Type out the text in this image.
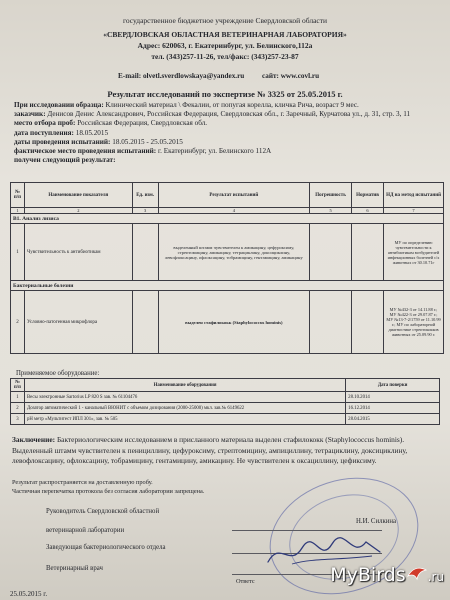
государственное бюджетное учреждение Свердловской области
«СВЕРДЛОВСКАЯ ОБЛАСТНАЯ ВЕТЕРИНАРНАЯ ЛАБОРАТОРИЯ»
Адрес: 620063, г. Екатеринбург, ул. Белинского,112а
тел. (343)257-11-26, тел/факс: (343)257-23-87
E-mail: olvetl.sverdlowskaya@yandex.ru сайт: www.covl.ru
Результат исследований по экспертизе № 3325 от 25.05.2015 г.

При исследовании образца: Клинический материал \ Фекалии, от попугая корелла, кличка Рича, возраст 9 мес.

заказчик: Денисов Денис Александрович, Российская Федерация, Свердловская обл., г. Заречный, Курчатова ул., д. 31, стр. 3, 11

место отбора проб: Российская Федерация, Свердловская обл.

дата поступления: 18.05.2015

даты проведения испытаний: 18.05.2015 - 25.05.2015

фактическое место проведения испытаний: г. Екатеринбург, ул. Белинского 112А

получен следующий результат:

№ п/п	Наименование показателя	Ед. изм.	Результат испытаний	Погрешность	Норматив	НД на метод испытаний
1	2	3	4	5	6	7
В1. Анализ лизиса						
1	Чувствительность к антибиотикам		выделенный штамм чувствителен к амикацину, цефуроксиму, стрептомицину, амикацину, тетрациклину, доксициклину, левофлоксацину, офлоксацину, тобрамицину, гентамицину, амикацину			МУ по определению чувствительности к антибиотикам возбудителей инфекционных болезней с/х животных от 30.10.71г
Бактериальные болезни						
2	Условно-патогенная микрофлора		выделен стафилококк (Staphylococcus hominis)			МУ №432-3 от 14.11.88 г.; МУ №422-3 от 29.07.87 г.; МУ №13-7-2/1759 от 11.10.99 г.; МУ по лабораторной диагностике стрептококков животных от 25.09.90 г.
Применяемое оборудование:
№ п/п	Наименование оборудования	Дата поверки
1	Весы электронные Sartorius LP 820 S зав. № 61104476	28.10.2014
2	Дозатор автоматический 1 - канальный ВЮНИТ с объемом дозирования (2000-25000) мкл. зав.№ 6149622	16.12.2014
3	pH метр «Мультитест ИПЛ 301», зав. № 505	28.04.2015
Заключение: Бактериологическим исследованием в присланного материала выделен стафилококк (Staphylococcus hominis). Выделенный штамм чувствителен к пенициллину, цефуроксиму, стрептомицину, ампициллину, тетрациклину, доксициклину, левофлоксацину, офлоксацину, тобрамицину, гентамицину, амикацину. Не чувствителен к оксациллину, цефиксиму.
Результат распространяется на доставленную пробу.
Частичная перепечатка протокола без согласия лаборатории запрещена.
Руководитель Свердловской областной
ветеринарной лаборатории
Н.И. Силкина
Заведующая бактериологического отдела
Ветеринарный врач
Ответс
25.05.2015 г.
MyBirds .ru
